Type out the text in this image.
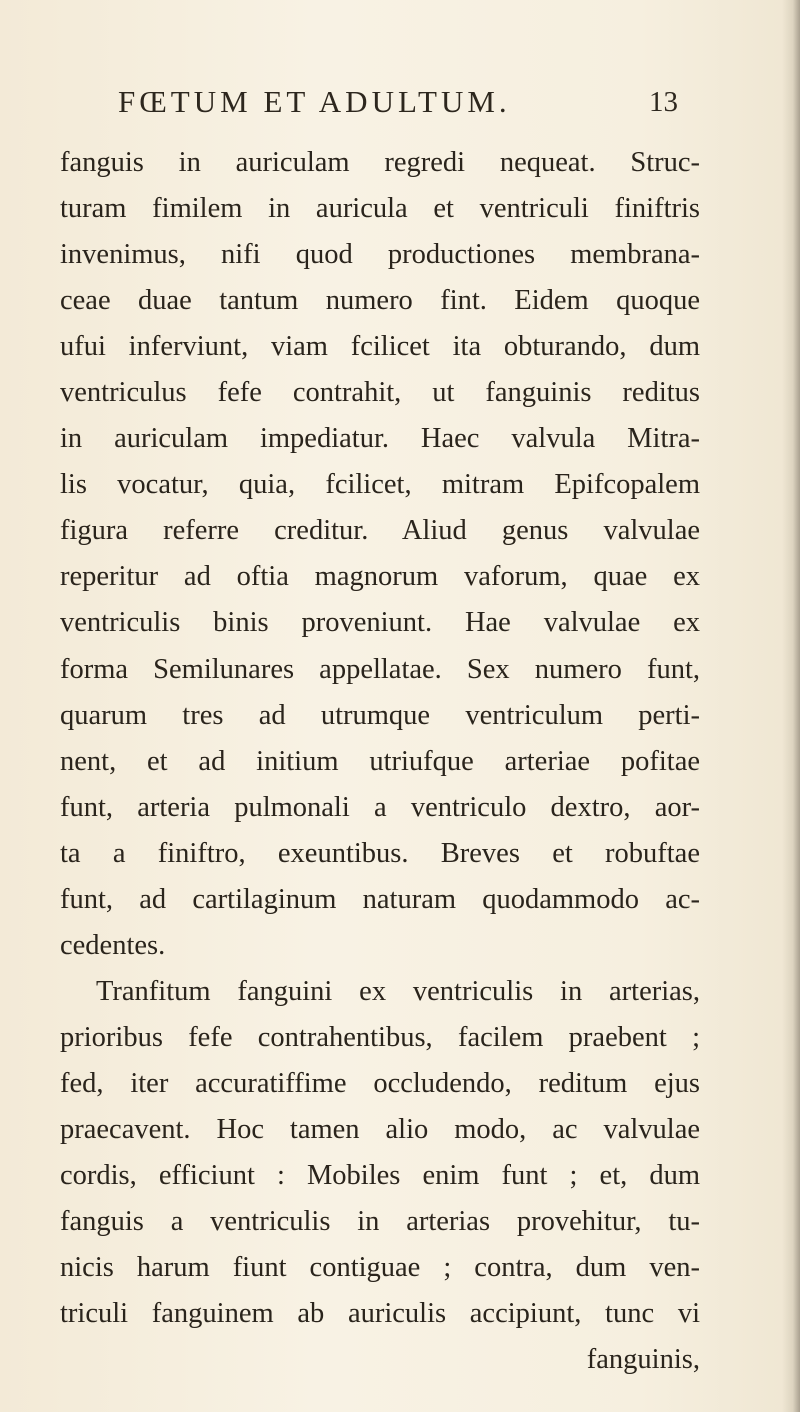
FŒTUM ET ADULTUM.	13
fanguis in auriculam regredi nequeat. Struc-
turam fimilem in auricula et ventriculi finiftris
invenimus, nifi quod productiones membrana-
ceae duae tantum numero fint. Eidem quoque
ufui inferviunt, viam fcilicet ita obturando, dum
ventriculus fefe contrahit, ut fanguinis reditus
in auriculam impediatur. Haec valvula Mitra-
lis vocatur, quia, fcilicet, mitram Epifcopalem
figura referre creditur. Aliud genus valvulae
reperitur ad oftia magnorum vaforum, quae ex
ventriculis binis proveniunt. Hae valvulae ex
forma Semilunares appellatae. Sex numero funt,
quarum tres ad utrumque ventriculum perti-
nent, et ad initium utriufque arteriae pofitae
funt, arteria pulmonali a ventriculo dextro, aor-
ta a finiftro, exeuntibus. Breves et robuftae
funt, ad cartilaginum naturam quodammodo ac-
cedentes.
Tranfitum fanguini ex ventriculis in arterias,
prioribus fefe contrahentibus, facilem praebent ;
fed, iter accuratiffime occludendo, reditum ejus
praecavent. Hoc tamen alio modo, ac valvulae
cordis, efficiunt : Mobiles enim funt ; et, dum
fanguis a ventriculis in arterias provehitur, tu-
nicis harum fiunt contiguae ; contra, dum ven-
triculi fanguinem ab auriculis accipiunt, tunc vi
fanguinis,
